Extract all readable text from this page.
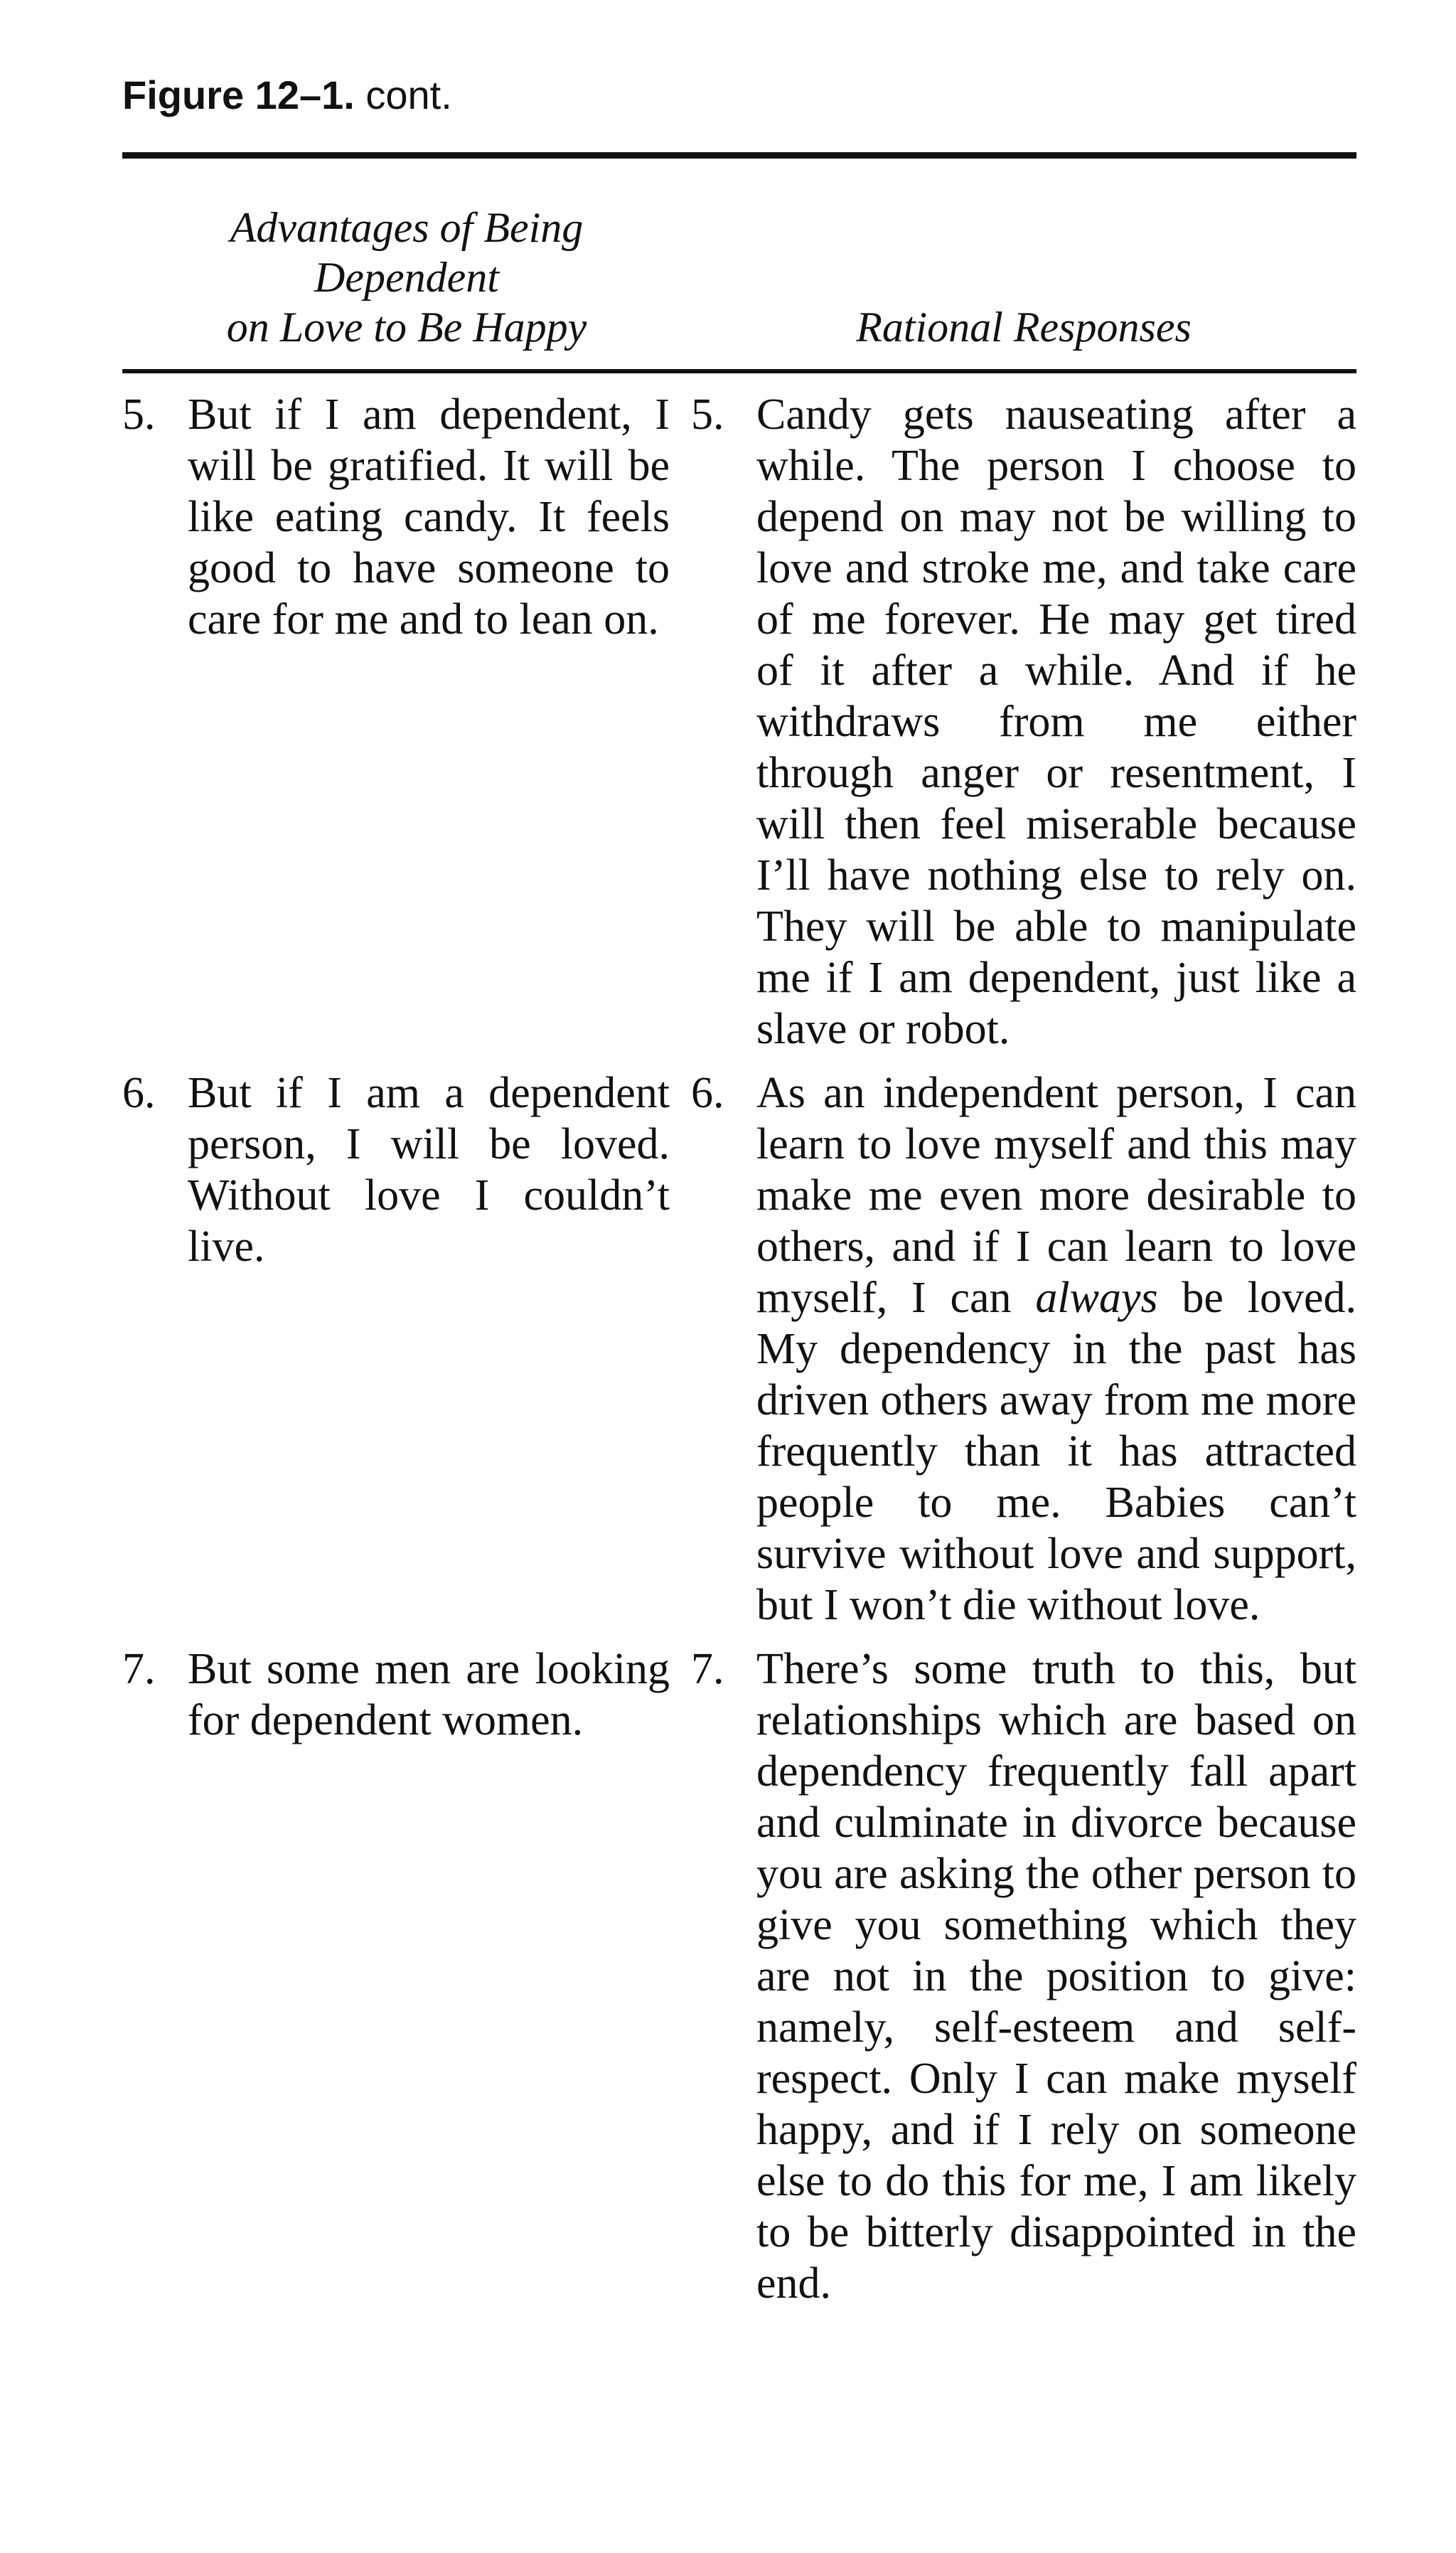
Figure 12–1. cont.
Advantages of Being
Dependent
on Love to Be Happy	Rational Responses
5. But if I am dependent, I will be gratified. It will be like eating candy. It feels good to have someone to care for me and to lean on.
5. Candy gets nauseating after a while. The person I choose to depend on may not be willing to love and stroke me, and take care of me forever. He may get tired of it after a while. And if he withdraws from me either through anger or resentment, I will then feel miserable because I’ll have nothing else to rely on. They will be able to manipulate me if I am dependent, just like a slave or robot.
6. But if I am a dependent person, I will be loved. Without love I couldn’t live.
6. As an independent person, I can learn to love myself and this may make me even more desirable to others, and if I can learn to love myself, I can always be loved. My dependency in the past has driven others away from me more frequently than it has attracted people to me. Babies can’t survive without love and support, but I won’t die without love.
7. But some men are looking for dependent women.
7. There’s some truth to this, but relationships which are based on dependency frequently fall apart and culminate in divorce because you are asking the other person to give you something which they are not in the position to give: namely, self-esteem and self-respect. Only I can make myself happy, and if I rely on someone else to do this for me, I am likely to be bitterly disappointed in the end.
